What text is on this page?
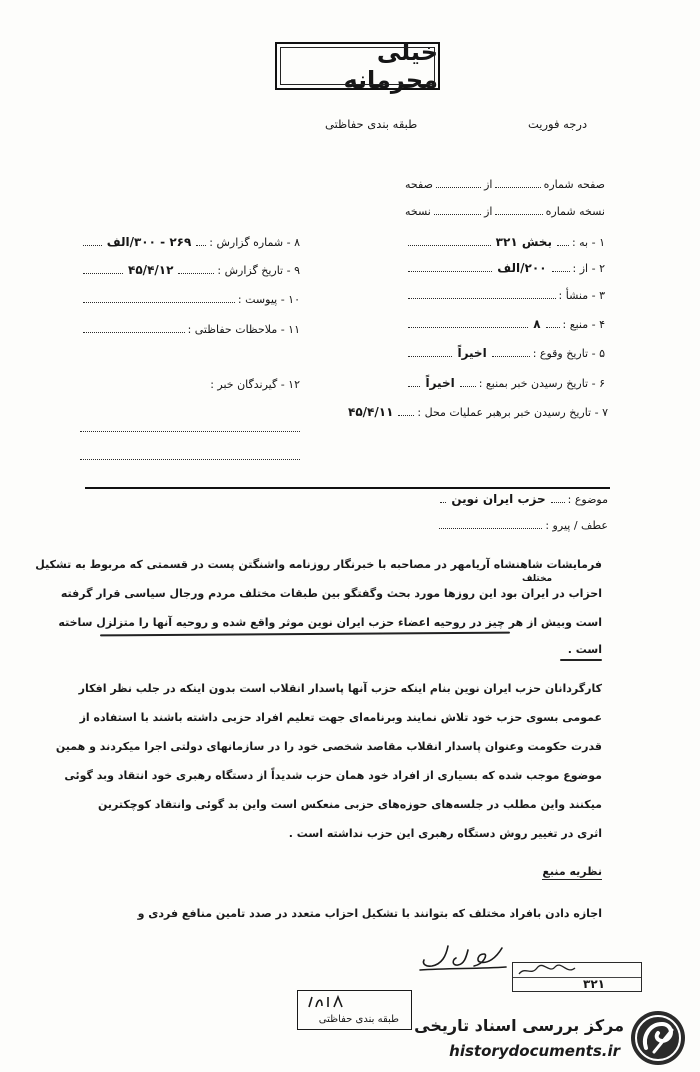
خیلی محرمانه
طبقه بندی حفاظتی	درجه فوریت
صفحه شماره
از
صفحه
نسخه شماره
از
نسخه
۱ - به :
بخش ۳۲۱
۲ - از :
۲۰۰/الف
۳ - منشأ :
۴ - منبع :
۸
۵ - تاریخ وقوع :
اخیراً
۶ - تاریخ رسیدن خبر بمنبع :
اخیراً
۷ - تاریخ رسیدن خبر برهبر عملیات محل :
۴۵/۴/۱۱
۸ - شماره گزارش :
۲۶۹ - ۳۰۰/الف
۹ - تاریخ گزارش :
۴۵/۴/۱۲
۱۰ - پیوست :
۱۱ - ملاحظات حفاظتی :
۱۲ - گیرندگان خبر :
موضوع :
حزب ایران نوین
عطف / پیرو :
مختلف
فرمایشات شاهنشاه آریامهر در مصاحبه با خبرنگار روزنامه واشنگتن پست در قسمتی که مربوط به تشکیل
احزاب در ایران بود این روزها مورد بحث وگفتگو بین طبقات مختلف مردم ورجال سیاسی قرار گرفته
است وبیش از هر چیز در روحیه اعضاء حزب ایران نوین موثر واقع شده و روحیه آنها را متزلزل ساخته
است .
کارگردانان حزب ایران نوین بنام اینکه حزب آنها پاسدار انقلاب است بدون اینکه در جلب نظر افکار
عمومی بسوی حزب خود تلاش نمایند وبرنامه‌ای جهت تعلیم افراد حزبی داشته باشند با استفاده از
قدرت حکومت وعنوان پاسدار انقلاب مقاصد شخصی خود را در سازمانهای دولتی اجرا میکردند و همین
موضوع موجب شده که بسیاری از افراد خود همان حزب شدیداً از دستگاه رهبری خود انتقاد وبد گوئی
میکنند واین مطلب در جلسه‌های حوزه‌های حزبی منعکس است واین بد گوئی وانتقاد کوچکترین
اثری در تغییر روش دستگاه رهبری این حزب نداشته است .
نظریه منبع
اجازه دادن بافراد مختلف که بتوانند با تشکیل احزاب متعدد در صدد تامین منافع فردی و
۳۲۱
طبقه بندی حفاظتی مرکز بررسی اسناد تاریخی
historydocuments.ir
